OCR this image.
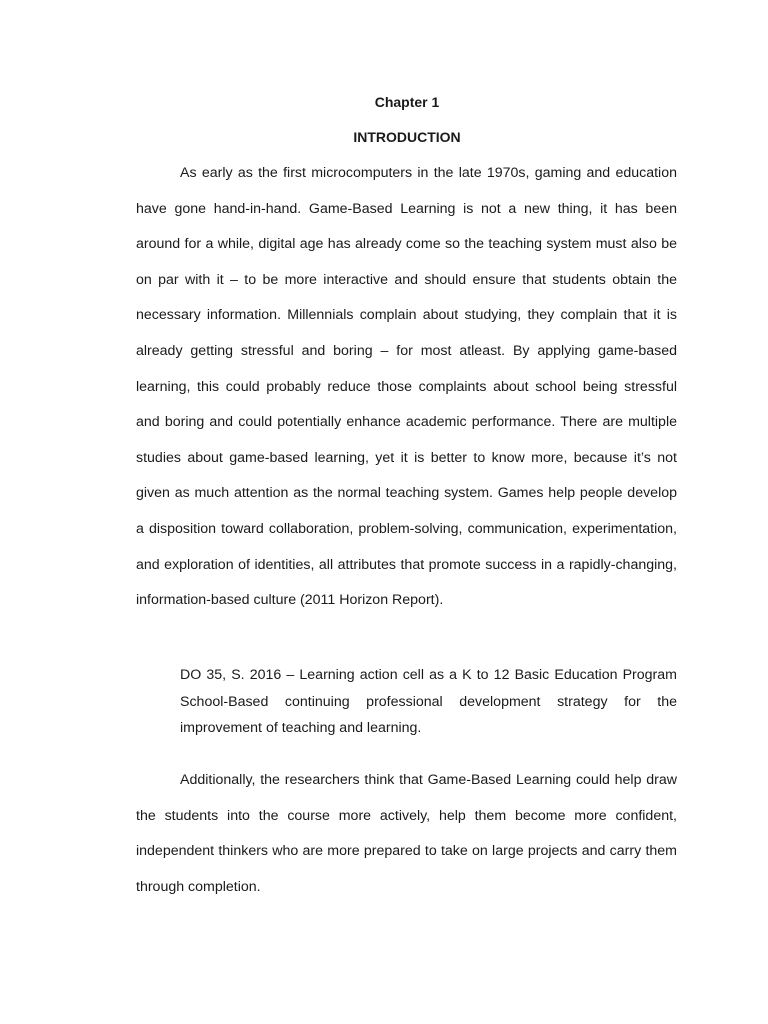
Chapter 1
INTRODUCTION

As early as the first microcomputers in the late 1970s, gaming and education have gone hand-in-hand. Game-Based Learning is not a new thing, it has been around for a while, digital age has already come so the teaching system must also be on par with it – to be more interactive and should ensure that students obtain the necessary information. Millennials complain about studying, they complain that it is already getting stressful and boring – for most atleast. By applying game-based learning, this could probably reduce those complaints about school being stressful and boring and could potentially enhance academic performance. There are multiple studies about game-based learning, yet it is better to know more, because it’s not given as much attention as the normal teaching system. Games help people develop a disposition toward collaboration, problem-solving, communication, experimentation, and exploration of identities, all attributes that promote success in a rapidly-changing, information-based culture (2011 Horizon Report).

DO 35, S. 2016 – Learning action cell as a K to 12 Basic Education Program School-Based continuing professional development strategy for the improvement of teaching and learning.

Additionally, the researchers think that Game-Based Learning could help draw the students into the course more actively, help them become more confident, independent thinkers who are more prepared to take on large projects and carry them through completion.
